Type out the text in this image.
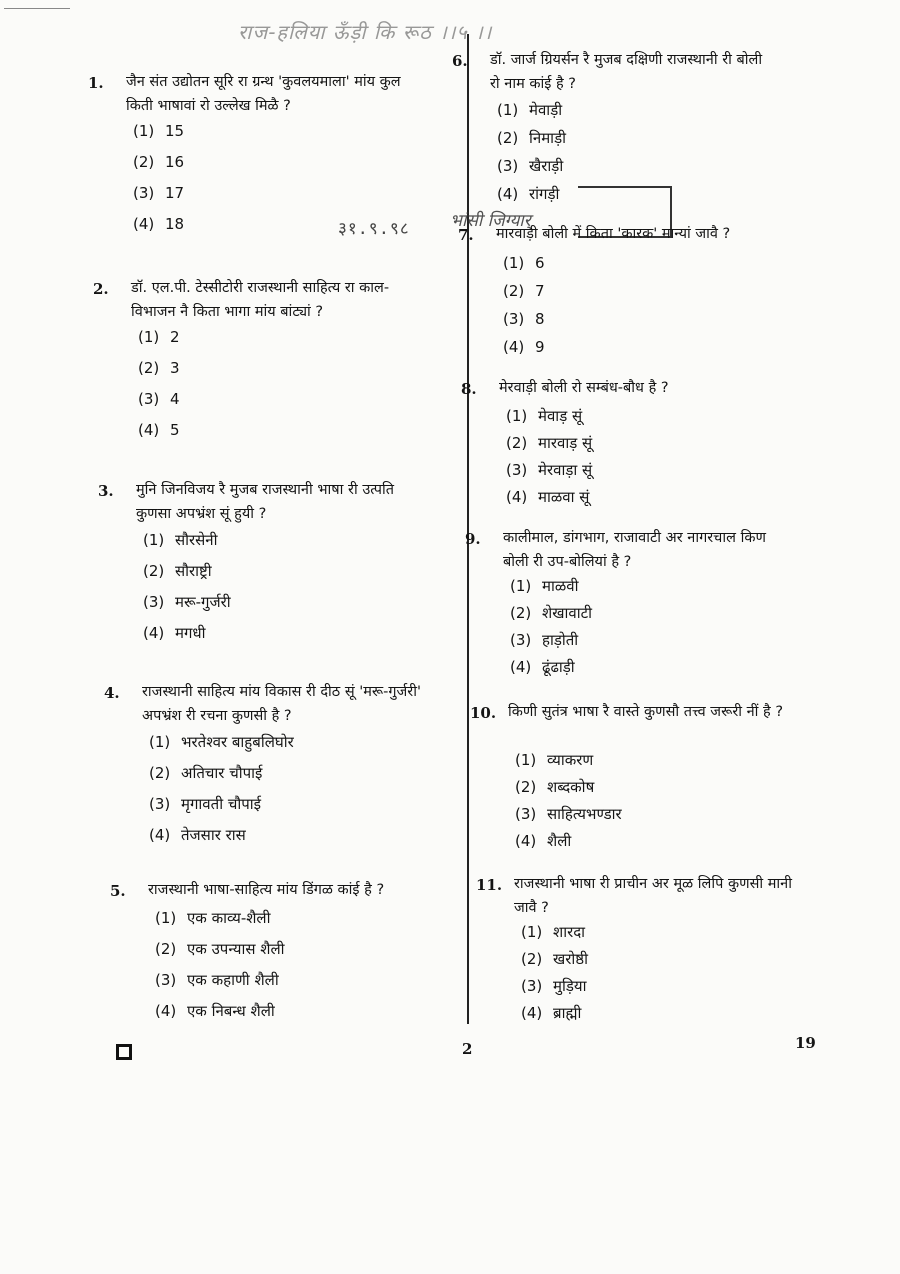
राज-हलिया ऊँड़ी कि रूठ ।।५ ।।
३१.९.९८ भांसी जिग्यार्
1.	जैन संत उद्योतन सूरि रा ग्रन्थ 'कुवलयमाला' मांय कुल किती भाषावां रो उल्लेख मिळै ?
(1) 15
(2) 16
(3) 17
(4) 18
2.	डॉ. एल.पी. टेस्सीटोरी राजस्थानी साहित्य रा काल-विभाजन नै किता भागा मांय बांट्यां ?
(1) 2
(2) 3
(3) 4
(4) 5
3.	मुनि जिनविजय रै मुजब राजस्थानी भाषा री उत्पति कुणसा अपभ्रंश सूं हुयी ?
(1) सौरसेनी
(2) सौराष्ट्री
(3) मरू-गुर्जरी
(4) मगधी
4.	राजस्थानी साहित्य मांय विकास री दीठ सूं 'मरू-गुर्जरी' अपभ्रंश री रचना कुणसी है ?
(1) भरतेश्वर बाहुबलिघोर
(2) अतिचार चौपाई
(3) मृगावती चौपाई
(4) तेजसार रास
5.	राजस्थानी भाषा-साहित्य मांय डिंगळ कांई है ?
(1) एक काव्य-शैली
(2) एक उपन्यास शैली
(3) एक कहाणी शैली
(4) एक निबन्ध शैली
6.	डॉ. जार्ज ग्रियर्सन रै मुजब दक्षिणी राजस्थानी री बोली रो नाम कांई है ?
(1) मेवाड़ी
(2) निमाड़ी
(3) खैराड़ी
(4) रांगड़ी
7.	मारवाड़ी बोली में किता 'कारक' मान्यां जावै ?
(1) 6
(2) 7
(3) 8
(4) 9
8.	मेरवाड़ी बोली रो सम्बंध-बौध है ?
(1) मेवाड़ सूं
(2) मारवाड़ सूं
(3) मेरवाड़ा सूं
(4) माळवा सूं
9.	कालीमाल, डांगभाग, राजावाटी अर नागरचाल किण बोली री उप-बोलियां है ?
(1) माळवी
(2) शेखावाटी
(3) हाड़ोती
(4) ढूंढाड़ी
10. किणी सुतंत्र भाषा रै वास्ते कुणसौ तत्त्व जरूरी नीं है ?
(1) व्याकरण
(2) शब्दकोष
(3) साहित्यभण्डार
(4) शैली
11. राजस्थानी भाषा री प्राचीन अर मूळ लिपि कुणसी मानी जावै ?
(1) शारदा
(2) खरोष्ठी
(3) मुड़िया
(4) ब्राह्मी
2	19
